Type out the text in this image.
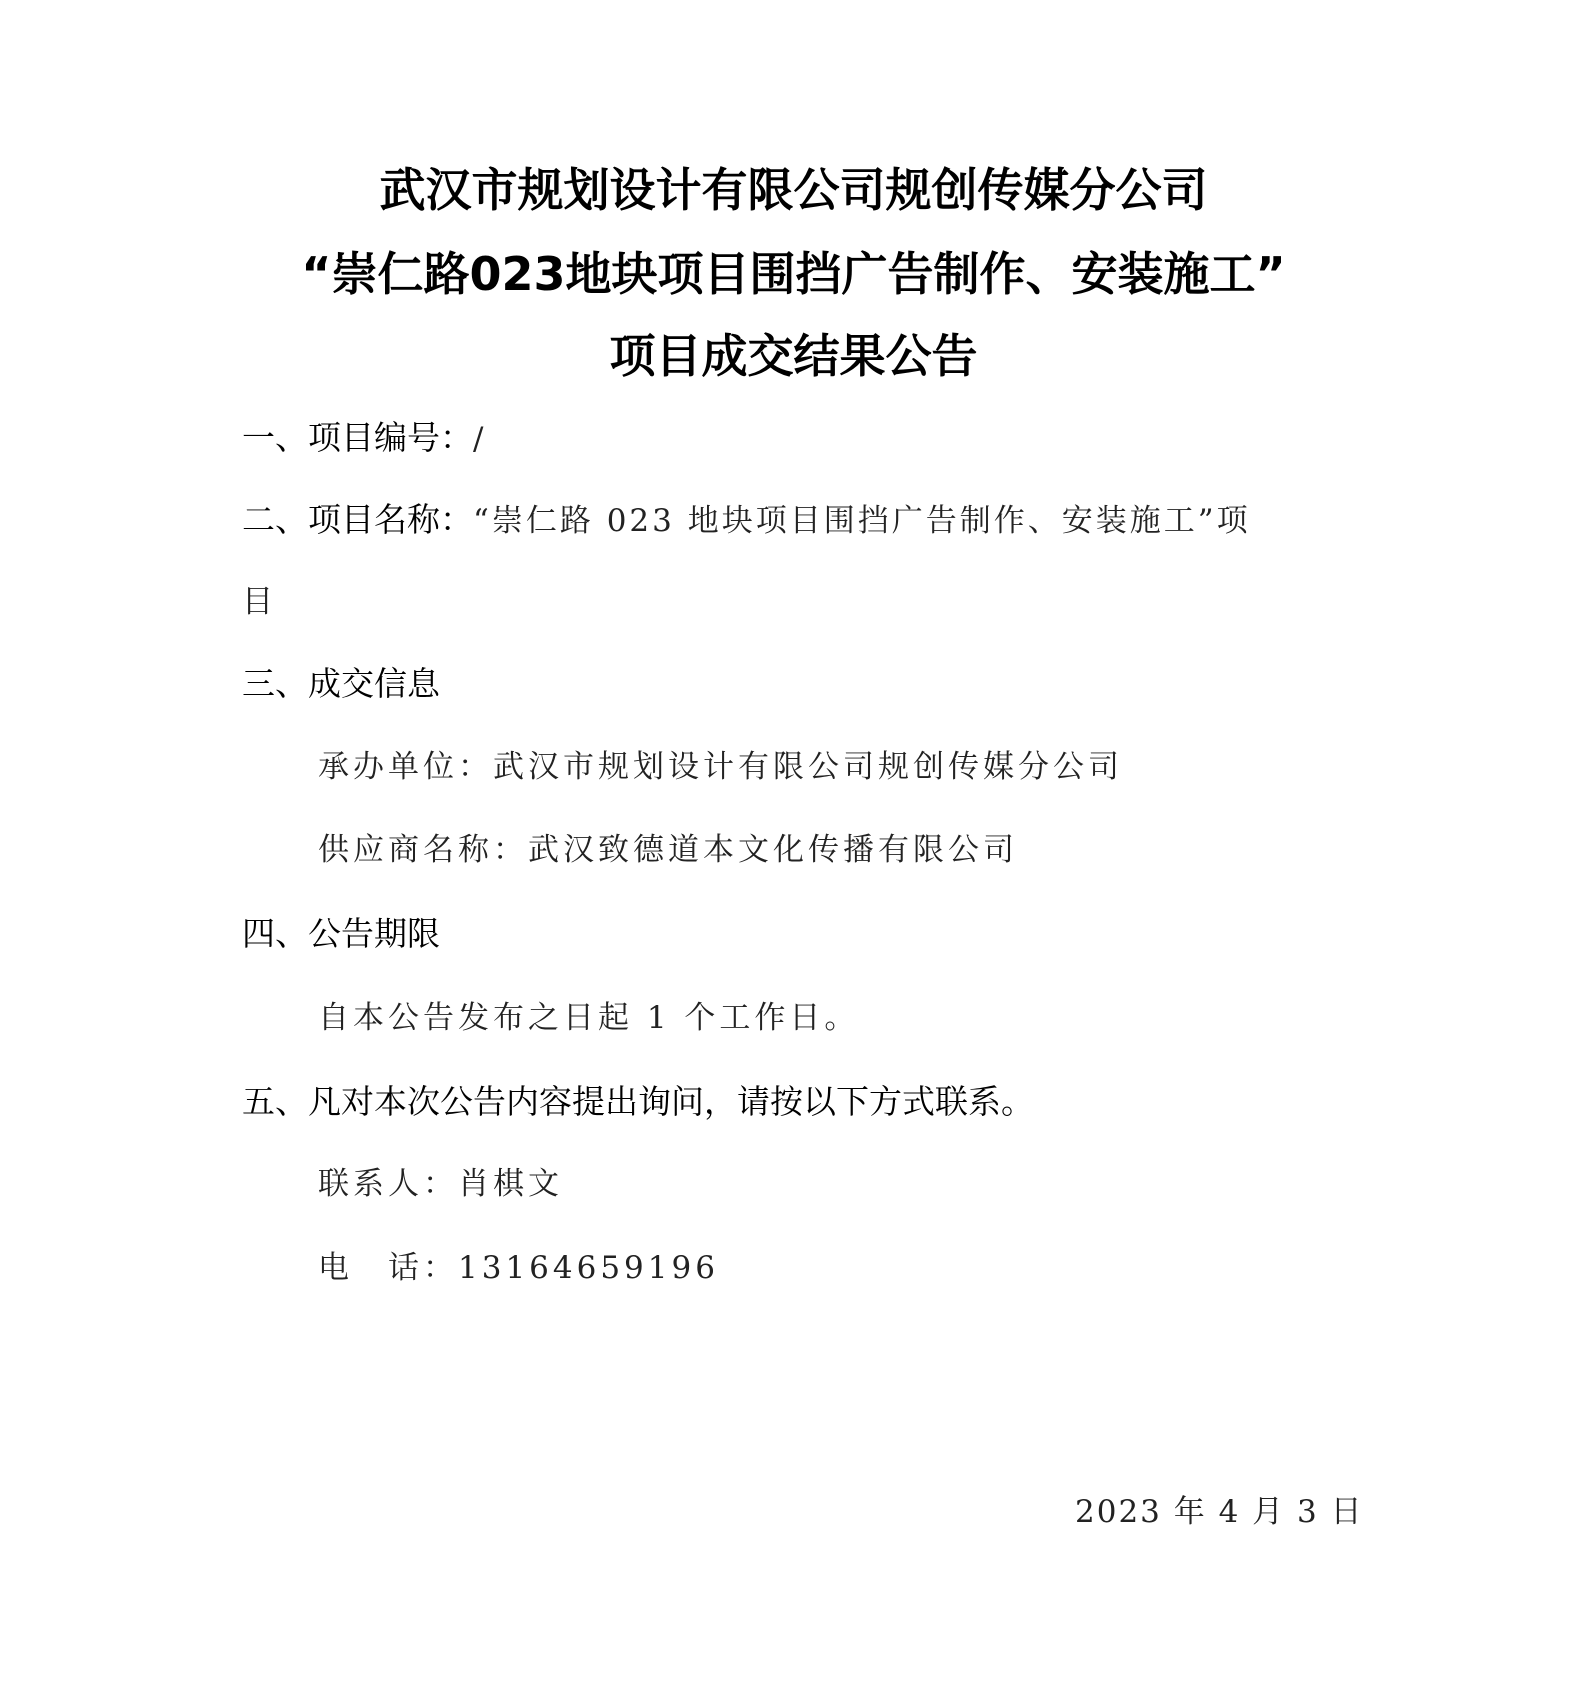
武汉市规划设计有限公司规创传媒分公司
“崇仁路023地块项目围挡广告制作、安装施工”
项目成交结果公告
一、项目编号：/
二、项目名称：“崇仁路 023 地块项目围挡广告制作、安装施工”项
目
三、成交信息
承办单位：武汉市规划设计有限公司规创传媒分公司
供应商名称：武汉致德道本文化传播有限公司
四、公告期限
自本公告发布之日起 1 个工作日。
五、凡对本次公告内容提出询问，请按以下方式联系。
联系人：肖棋文
电　话：13164659196
2023 年 4 月 3 日
